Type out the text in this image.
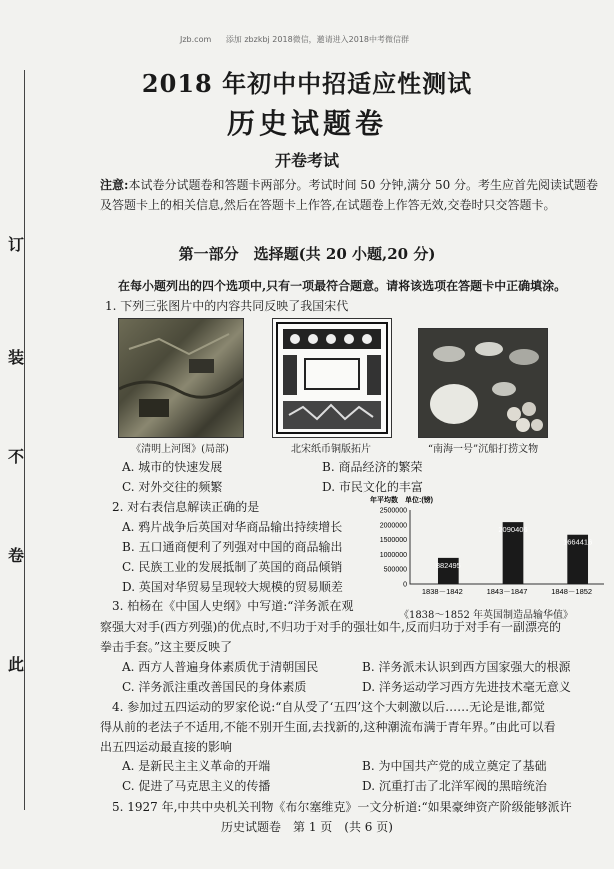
Jzb.com 添加 zbzkbj 2018微信，邀请进入2018中考微信群
订
装
不
卷
此
2018 年初中中招适应性测试
历史试题卷
开卷考试
注意:本试卷分试题卷和答题卡两部分。考试时间 50 分钟,满分 50 分。考生应首先阅读试题卷及答题卡上的相关信息,然后在答题卡上作答,在试题卷上作答无效,交卷时只交答题卡。
第一部分　选择题(共 20 小题,20 分)
在每小题列出的四个选项中,只有一项最符合题意。请将该选项在答题卡中正确填涂。
1. 下列三张图片中的内容共同反映了我国宋代
《清明上河图》(局部)	北宋纸币铜版拓片	“南海一号”沉船打捞文物
A. 城市的快速发展	B. 商品经济的繁荣
C. 对外交往的频繁	D. 市民文化的丰富
2. 对右表信息解读正确的是
A. 鸦片战争后英国对华商品输出持续增长
B. 五口通商便利了列强对中国的商品输出
C. 民族工业的发展抵制了英国的商品倾销
D. 英国对华贸易呈现较大规模的贸易顺差
年平均数　单位:(镑)
0
500000
1000000
1500000
2000000
2500000
882495
2090406
1664416
1838－1842	1843－1847	1848－1852
《1838～1852 年英国制造品输华值》
3. 柏杨在《中国人史纲》中写道:“洋务派在观
察强大对手(西方列强)的优点时,不归功于对手的强壮如牛,反而归功于对手有一副漂亮的
拳击手套。”这主要反映了
A. 西方人普遍身体素质优于清朝国民	B. 洋务派未认识到西方国家强大的根源
C. 洋务派注重改善国民的身体素质	D. 洋务运动学习西方先进技术毫无意义
4. 参加过五四运动的罗家伦说:“自从受了‘五四’这个大刺激以后……无论是谁,都觉
得从前的老法子不适用,不能不别开生面,去找新的,这种潮流布满于青年界。”由此可以看
出五四运动最直接的影响
A. 是新民主主义革命的开端	B. 为中国共产党的成立奠定了基础
C. 促进了马克思主义的传播	D. 沉重打击了北洋军阀的黑暗统治
5. 1927 年,中共中央机关刊物《布尔塞维克》一文分析道:“如果豪绅资产阶级能够派许
历史试题卷　第 1 页　(共 6 页)
